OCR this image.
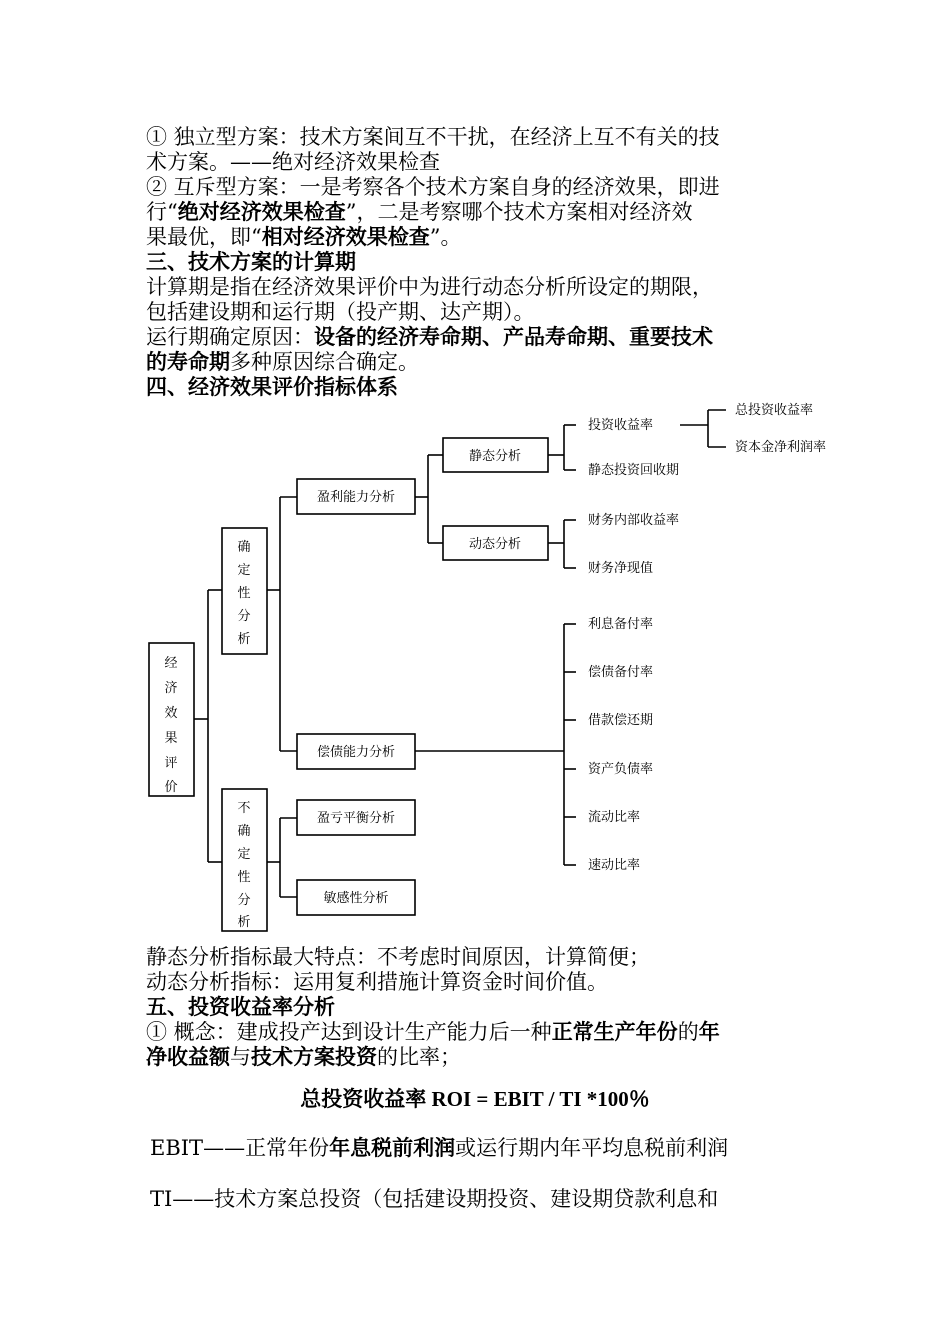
① 独立型方案：技术方案间互不干扰，在经济上互不有关的技
术方案。——绝对经济效果检查
② 互斥型方案：一是考察各个技术方案自身的经济效果，即进
行“绝对经济效果检查”，二是考察哪个技术方案相对经济效
果最优，即“相对经济效果检查”。
三、技术方案的计算期
计算期是指在经济效果评价中为进行动态分析所设定的期限，
包括建设期和运行期（投产期、达产期）。
运行期确定原因：设备的经济寿命期、产品寿命期、重要技术
的寿命期多种原因综合确定。
四、经济效果评价指标体系
经
济
效
果
评
价
确
定
性
分
析
不
确
定
性
分
析
盈利能力分析
偿债能力分析
盈亏平衡分析
敏感性分析
静态分析
动态分析
投资收益率
总投资收益率
资本金净利润率
静态投资回收期
财务内部收益率
财务净现值
利息备付率
偿债备付率
借款偿还期
资产负债率
流动比率
速动比率
静态分析指标最大特点：不考虑时间原因，计算简便；
动态分析指标：运用复利措施计算资金时间价值。
五、投资收益率分析
① 概念：建成投产达到设计生产能力后一种正常生产年份的年
净收益额与技术方案投资的比率；
总投资收益率 ROI = EBIT / TI *100％
EBIT——正常年份年息税前利润或运行期内年平均息税前利润
TI——技术方案总投资（包括建设期投资、建设期贷款利息和
